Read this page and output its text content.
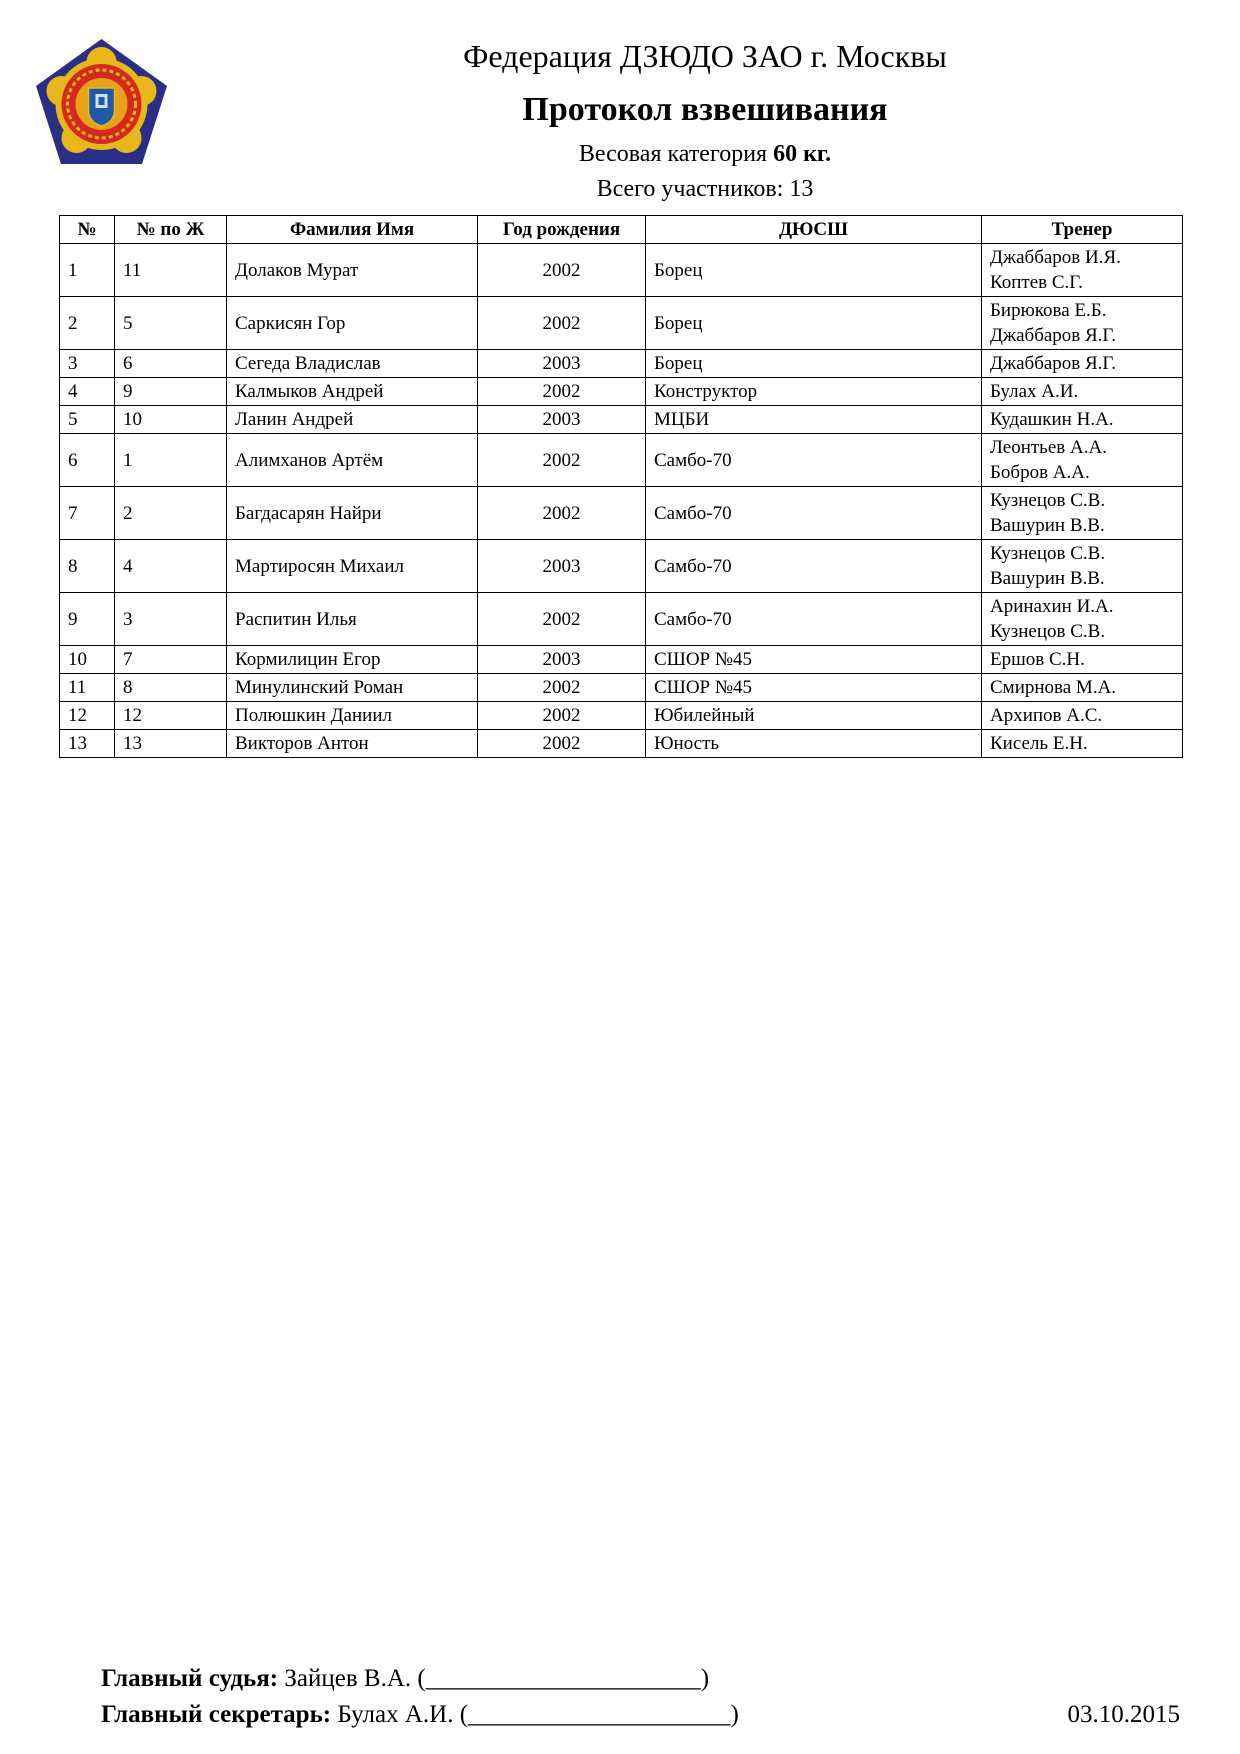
Федерация ДЗЮДО ЗАО г. Москвы
Протокол взвешивания
Весовая категория 60 кг.
Всего участников: 13
№	№ по Ж	Фамилия Имя	Год рождения	ДЮСШ	Тренер
1	11	Долаков Мурат	2002	Борец	Джаббаров И.Я.
Коптев С.Г.

2	5	Саркисян Гор	2002	Борец	Бирюкова Е.Б.
Джаббаров Я.Г.

3	6	Сегеда Владислав	2003	Борец	Джаббаров Я.Г.

4	9	Калмыков Андрей	2002	Конструктор	Булах А.И.

5	10	Ланин Андрей	2003	МЦБИ	Кудашкин Н.А.

6	1	Алимханов Артём	2002	Самбо-70	Леонтьев А.А.
Бобров А.А.

7	2	Багдасарян Найри	2002	Самбо-70	Кузнецов С.В.
Вашурин В.В.

8	4	Мартиросян Михаил	2003	Самбо-70	Кузнецов С.В.
Вашурин В.В.

9	3	Распитин Илья	2002	Самбо-70	Аринахин И.А.
Кузнецов С.В.

10	7	Кормилицин Егор	2003	СШОР №45	Ершов С.Н.

11	8	Минулинский Роман	2002	СШОР №45	Смирнова М.А.

12	12	Полюшкин Даниил	2002	Юбилейный	Архипов А.С.

13	13	Викторов Антон	2002	Юность	Кисель Е.Н.
Главный судья: Зайцев В.А. (______________________)
Главный секретарь: Булах А.И. (_____________________)	03.10.2015
